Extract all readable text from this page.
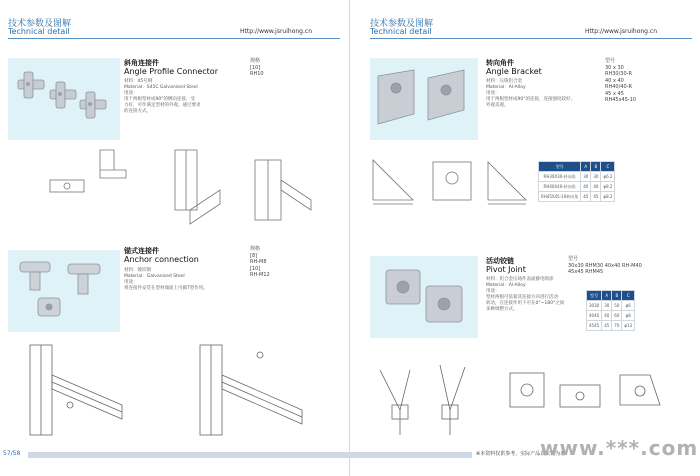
技术参数及图解
Technical detail	Http://www.jsruihong.cn
斜角连接件
Angle Profile Connector
材料：45号钢
Material：S45C Galvanised Steel
用途：
用于两根型材成90°的侧向连接，受
力好，可作满足型材的外观，通过要求
的连接方式。
规格
[10]
RH10
锚式连接件
Anchor connection
材料：镀锌钢
Material：Galvanised Steel
用途：
将连接件安装在型材端面上可做T型作用。
规格
[8]
RH-M8
[10]
RH-M12
技术参数及图解
Technical detail	Http://www.jsruihong.cn
转向角件
Angle Bracket
材料：压铸铝合金
Material：Al-Alloy
用途：
用于两根型材成90°的连接，连接强度较好，
外观美观。
型号
30 x 30
RH30/30-R
40 x 40
RH40/40-R
45 x 45
RH45x45-10
型号	A	B	C
RH30X30-转向角	30	30	φ6.2
RH40X40-转向角	40	40	φ8.2
RH45X45-10转向角	45	45	φ8.2
活动铰链
Pivot Joint
材料：铝合金压铸件表面静电喷涂
Material：Al-Alloy
用途：
型材两根可依靠其连接方向进行活动
转动，在连接作用下可在0°~180°之间
多种调整方式。
型号
30x30 RHM30 40x40 RH-M40
45x45 RHM45
型号	A	B	C
3030	30	50	φ6
4040	40	60	φ8
4545	45	70	φ13
57/58	※本资料仅供参考，实际产品以实物为准
www.***.com
